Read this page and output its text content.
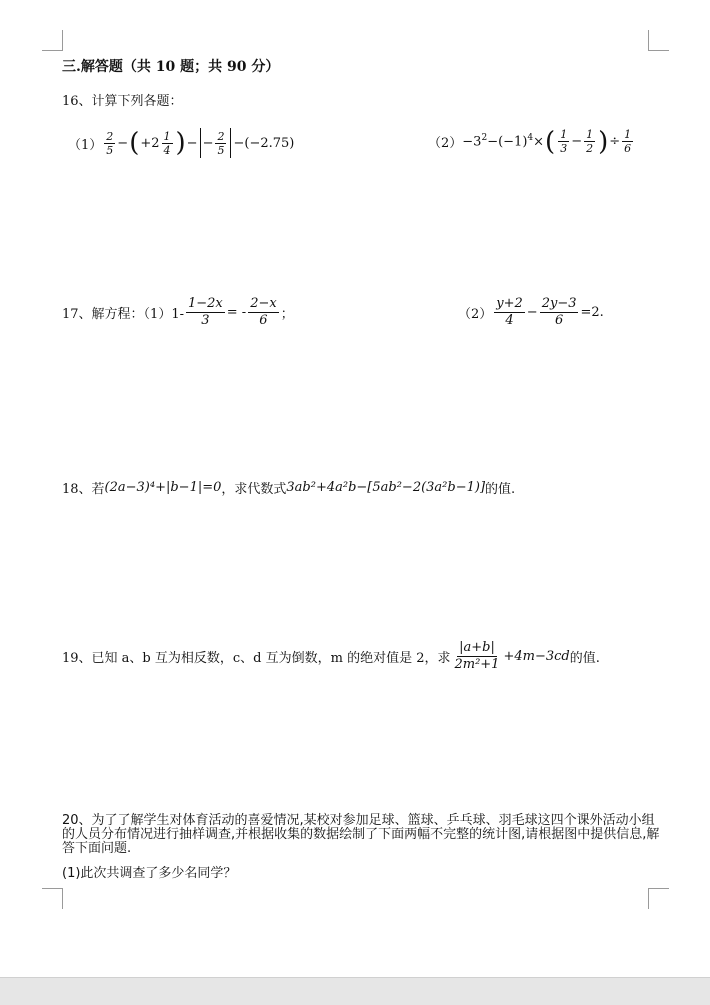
三.解答题（共 10 题；共 90 分）
16、计算下列各题：
$(1) \frac{2}{5}$ − ( $+2 \frac{1}{4}$ ) − − $\frac{2}{5} -(-2.75)$	$(2) -3^2-(-1)^4\times$ ( $\frac{1}{3} - \frac{1}{2}$ ) ÷ $\frac{1}{6}$
17、解方程：$(1)1- \frac{1-2x}{3}$ = - $\frac{2-x}{6}$ ；	$(2) \frac{y+2}{4} - \frac{2y-3}{6} =2$.
18、若 (2a−3)⁴+|b−1|=0 ，求代数式 3ab²+4a²b−[5ab²−2(3a²b−1)] 的值.
19、已知 a、b 互为相反数，c、d 互为倒数，m 的绝对值是 2，求 $\frac{|a+b|}{\text{2m²+1}} +4m-3cd$ 的值.
20、为了了解学生对体育活动的喜爱情况,某校对参加足球、篮球、乒乓球、羽毛球这四个课外活动小组的人员分布情况进行抽样调查,并根据收集的数据绘制了下面两幅不完整的统计图,请根据图中提供信息,解答下面问题.
(1)此次共调查了多少名同学？
